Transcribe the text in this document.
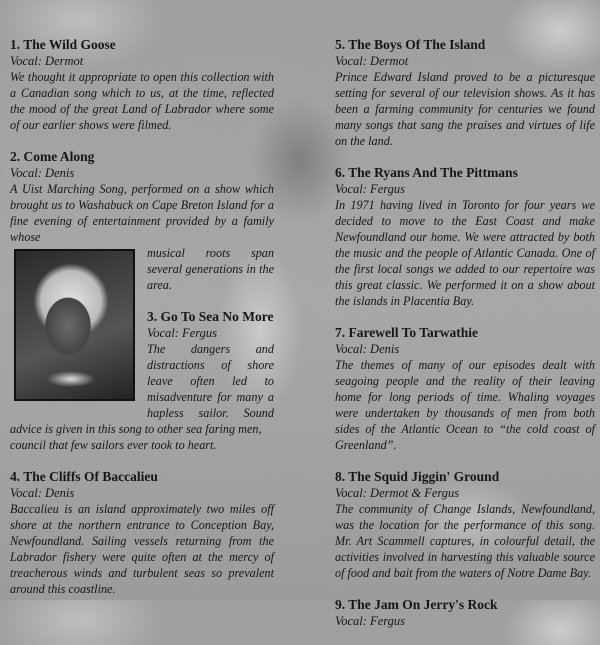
1. The Wild Goose
Vocal: Dermot
We thought it appropriate to open this collection with a Canadian song which to us, at the time, reflected the mood of the great Land of Labrador where some of our earlier shows were filmed.
2. Come Along
Vocal: Denis
A Uist Marching Song, performed on a show which brought us to Washabuck on Cape Breton Island for a fine evening of entertainment provided by a family whose
musical roots span several generations in the area.
3. Go To Sea No More
Vocal: Fergus
The dangers and distractions of shore leave often led to misadventure for many a hapless sailor. Sound advice is given in this song to other sea faring men,
council that few sailors ever took to heart.
4. The Cliffs Of Baccalieu
Vocal: Denis
Baccalieu is an island approximately two miles off shore at the northern entrance to Conception Bay, Newfoundland. Sailing vessels returning from the Labrador fishery were quite often at the mercy of treacherous winds and turbulent seas so prevalent around this coastline.
5. The Boys Of The Island
Vocal: Dermot
Prince Edward Island proved to be a picturesque setting for several of our television shows. As it has been a farming community for centuries we found many songs that sang the praises and virtues of life on the land.
6. The Ryans And The Pittmans
Vocal: Fergus
In 1971 having lived in Toronto for four years we decided to move to the East Coast and make Newfoundland our home. We were attracted by both the music and the people of Atlantic Canada. One of the first local songs we added to our repertoire was this great classic. We performed it on a show about the islands in Placentia Bay.
7. Farewell To Tarwathie
Vocal: Denis
The themes of many of our episodes dealt with seagoing people and the reality of their leaving home for long periods of time. Whaling voyages were undertaken by thousands of men from both sides of the Atlantic Ocean to “the cold coast of Greenland”.
8. The Squid Jiggin' Ground
Vocal: Dermot & Fergus
The community of Change Islands, Newfoundland, was the location for the performance of this song. Mr. Art Scammell captures, in colourful detail, the activities involved in harvesting this valuable source of food and bait from the waters of Notre Dame Bay.
9. The Jam On Jerry's Rock
Vocal: Fergus
